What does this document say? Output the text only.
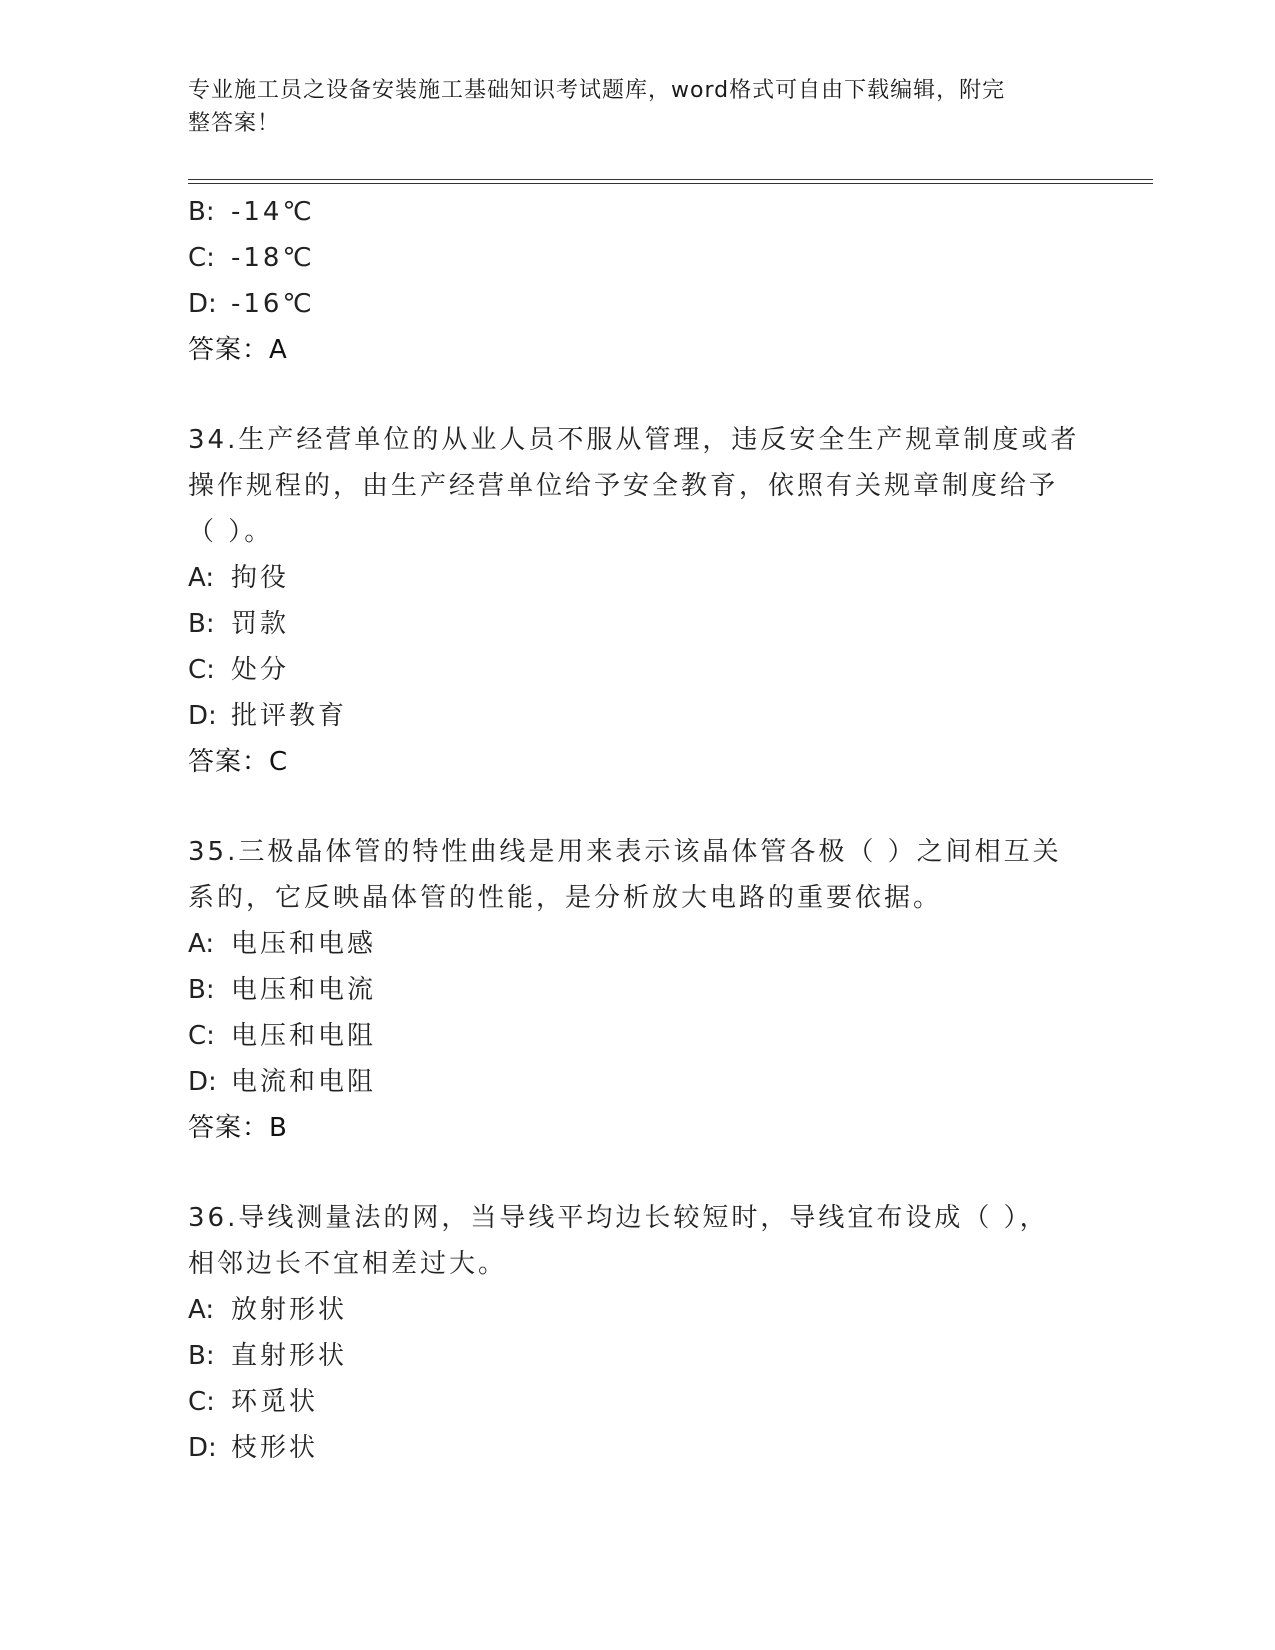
专业施工员之设备安装施工基础知识考试题库，word格式可自由下载编辑，附完
整答案！
B: -14℃
C: -18℃
D: -16℃
答案：A
34.生产经营单位的从业人员不服从管理，违反安全生产规章制度或者
操作规程的，由生产经营单位给予安全教育，依照有关规章制度给予
（ ）。
A: 拘役
B: 罚款
C: 处分
D: 批评教育
答案：C
35.三极晶体管的特性曲线是用来表示该晶体管各极（ ）之间相互关
系的，它反映晶体管的性能，是分析放大电路的重要依据。
A: 电压和电感
B: 电压和电流
C: 电压和电阻
D: 电流和电阻
答案：B
36.导线测量法的网，当导线平均边长较短时，导线宜布设成（ ），
相邻边长不宜相差过大。
A: 放射形状
B: 直射形状
C: 环觅状
D: 枝形状
